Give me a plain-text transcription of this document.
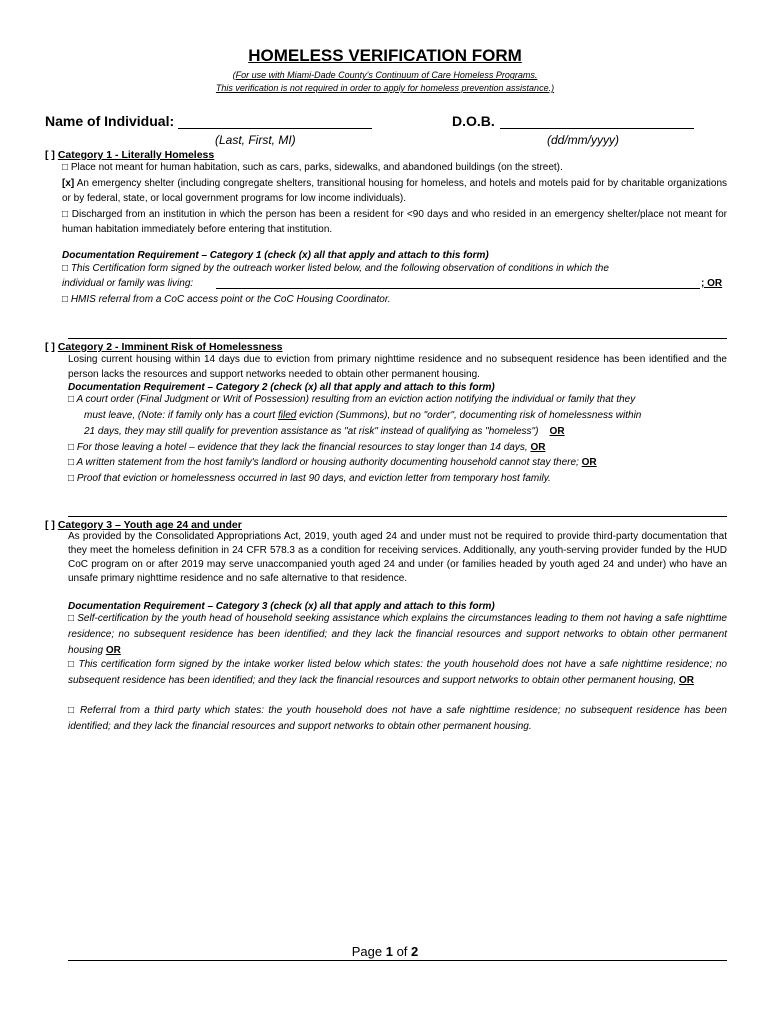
HOMELESS VERIFICATION FORM
(For use with Miami-Dade County's Continuum of Care Homeless Programs.
This verification is not required in order to apply for homeless prevention assistance.)
Name of Individual:
(Last, First, MI)
D.O.B.
(dd/mm/yyyy)
[ ] Category 1 - Literally Homeless
□ Place not meant for human habitation, such as cars, parks, sidewalks, and abandoned buildings (on the street).
[x] An emergency shelter (including congregate shelters, transitional housing for homeless, and hotels and motels paid for by charitable organizations or by federal, state, or local government programs for low income individuals).
□ Discharged from an institution in which the person has been a resident for <90 days and who resided in an emergency shelter/place not meant for human habitation immediately before entering that institution.
Documentation Requirement – Category 1 (check (x) all that apply and attach to this form)
□ This Certification form signed by the outreach worker listed below, and the following observation of conditions in which the
individual or family was living:	; OR
□ HMIS referral from a CoC access point or the CoC Housing Coordinator.
[ ] Category 2 - Imminent Risk of Homelessness
Losing current housing within 14 days due to eviction from primary nighttime residence and no subsequent residence has been identified and the person lacks the resources and support networks needed to obtain other permanent housing.
Documentation Requirement – Category 2 (check (x) all that apply and attach to this form)
□ A court order (Final Judgment or Writ of Possession) resulting from an eviction action notifying the individual or family that they
must leave, (Note: if family only has a court filed eviction (Summons), but no "order", documenting risk of homelessness within
21 days, they may still qualify for prevention assistance as "at risk" instead of qualifying as "homeless") OR
□ For those leaving a hotel – evidence that they lack the financial resources to stay longer than 14 days, OR
□ A written statement from the host family's landlord or housing authority documenting household cannot stay there; OR
□ Proof that eviction or homelessness occurred in last 90 days, and eviction letter from temporary host family.
[ ] Category 3 – Youth age 24 and under
As provided by the Consolidated Appropriations Act, 2019, youth aged 24 and under must not be required to provide third-party documentation that they meet the homeless definition in 24 CFR 578.3 as a condition for receiving services. Additionally, any youth-serving provider funded by the HUD CoC program on or after 2019 may serve unaccompanied youth aged 24 and under (or families headed by youth aged 24 and under) who have an unsafe primary nighttime residence and no safe alternative to that residence.
Documentation Requirement – Category 3 (check (x) all that apply and attach to this form)
□ Self-certification by the youth head of household seeking assistance which explains the circumstances leading to them not having a safe nighttime residence; no subsequent residence has been identified; and they lack the financial resources and support networks to obtain other permanent housing OR
□ This certification form signed by the intake worker listed below which states: the youth household does not have a safe nighttime residence; no subsequent residence has been identified; and they lack the financial resources and support networks to obtain other permanent housing, OR
□ Referral from a third party which states: the youth household does not have a safe nighttime residence; no subsequent residence has been identified; and they lack the financial resources and support networks to obtain other permanent housing.
Page 1 of 2
